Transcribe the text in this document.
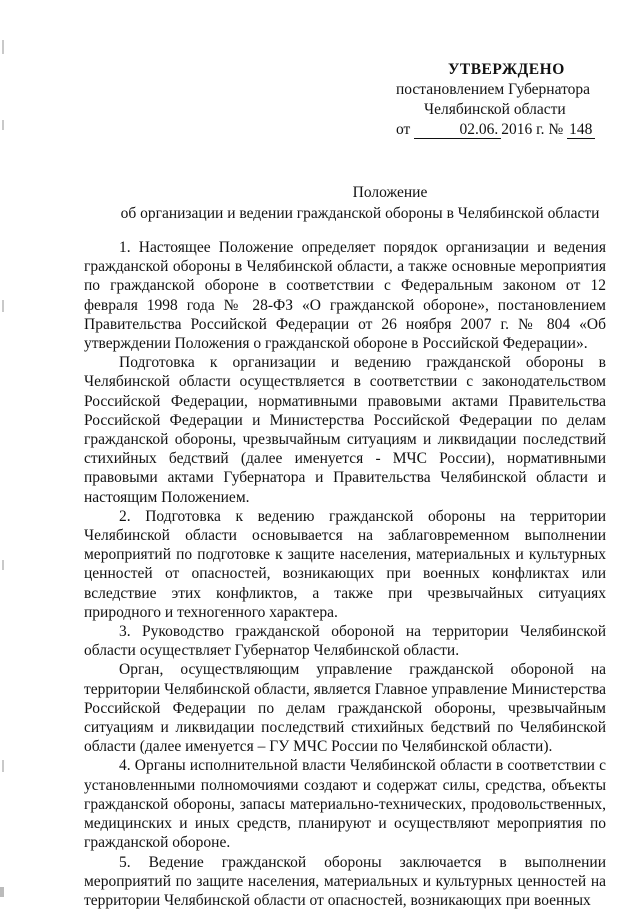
УТВЕРЖДЕНО
постановлением Губернатора
Челябинской области
от	02.06. 2016 г. № 148
Положение
об организации и ведении гражданской обороны в Челябинской области

1. Настоящее Положение определяет порядок организации и ведения гражданской обороны в Челябинской области, а также основные мероприятия по гражданской обороне в соответствии с Федеральным законом от 12 февраля 1998 года № 28-ФЗ «О гражданской обороне», постановлением Правительства Российской Федерации от 26 ноября 2007 г. № 804 «Об утверждении Положения о гражданской обороне в Российской Федерации».

Подготовка к организации и ведению гражданской обороны в Челябинской области осуществляется в соответствии с законодательством Российской Федерации, нормативными правовыми актами Правительства Российской Федерации и Министерства Российской Федерации по делам гражданской обороны, чрезвычайным ситуациям и ликвидации последствий стихийных бедствий (далее именуется - МЧС России), нормативными правовыми актами Губернатора и Правительства Челябинской области и настоящим Положением.

2. Подготовка к ведению гражданской обороны на территории Челябинской области основывается на заблаговременном выполнении мероприятий по подготовке к защите населения, материальных и культурных ценностей от опасностей, возникающих при военных конфликтах или вследствие этих конфликтов, а также при чрезвычайных ситуациях природного и техногенного характера.

3. Руководство гражданской обороной на территории Челябинской области осуществляет Губернатор Челябинской области.

Орган, осуществляющим управление гражданской обороной на территории Челябинской области, является Главное управление Министерства Российской Федерации по делам гражданской обороны, чрезвычайным ситуациям и ликвидации последствий стихийных бедствий по Челябинской области (далее именуется – ГУ МЧС России по Челябинской области).

4. Органы исполнительной власти Челябинской области в соответствии с установленными полномочиями создают и содержат силы, средства, объекты гражданской обороны, запасы материально-технических, продовольственных, медицинских и иных средств, планируют и осуществляют мероприятия по гражданской обороне.

5. Ведение гражданской обороны заключается в выполнении мероприятий по защите населения, материальных и культурных ценностей на территории Челябинской области от опасностей, возникающих при военных
